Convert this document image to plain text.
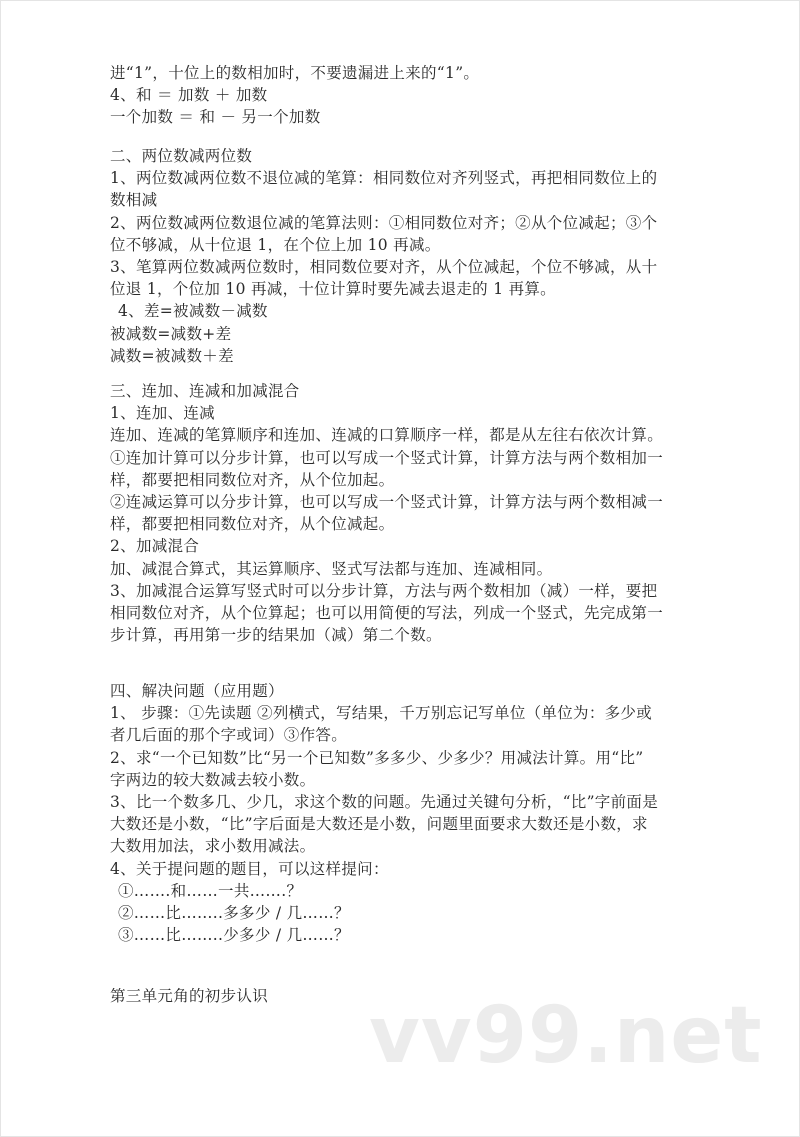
进“1”，十位上的数相加时，不要遗漏进上来的“1”。
4、和 ＝ 加数 ＋ 加数
一个加数 ＝ 和 － 另一个加数
二、两位数减两位数
1、两位数减两位数不退位减的笔算：相同数位对齐列竖式，再把相同数位上的
数相减
2、两位数减两位数退位减的笔算法则：①相同数位对齐；②从个位减起；③个
位不够减，从十位退 1，在个位上加 10 再减。
3、笔算两位数减两位数时，相同数位要对齐，从个位减起，个位不够减，从十
位退 1，个位加 10 再减，十位计算时要先减去退走的 1 再算。
4、差=被减数－减数
被减数=减数+差
减数=被减数＋差
三、连加、连减和加减混合
1、连加、连减
连加、连减的笔算顺序和连加、连减的口算顺序一样，都是从左往右依次计算。
①连加计算可以分步计算，也可以写成一个竖式计算，计算方法与两个数相加一
样，都要把相同数位对齐，从个位加起。
②连减运算可以分步计算，也可以写成一个竖式计算，计算方法与两个数相减一
样，都要把相同数位对齐，从个位减起。
2、加减混合
加、减混合算式，其运算顺序、竖式写法都与连加、连减相同。
3、加减混合运算写竖式时可以分步计算，方法与两个数相加（减）一样，要把
相同数位对齐，从个位算起；也可以用简便的写法，列成一个竖式，先完成第一
步计算，再用第一步的结果加（减）第二个数。
四、解决问题（应用题）
1、 步骤：①先读题 ②列横式，写结果，千万别忘记写单位（单位为：多少或
者几后面的那个字或词）③作答。
2、求“一个已知数”比“另一个已知数”多多少、少多少？用减法计算。用“比”
字两边的较大数减去较小数。
3、比一个数多几、少几，求这个数的问题。先通过关键句分析，“比”字前面是
大数还是小数，“比”字后面是大数还是小数，问题里面要求大数还是小数，求
大数用加法，求小数用减法。
4、关于提问题的题目，可以这样提问：
①…….和……一共…….？
②……比……..多多少 / 几……？
③……比……..少多少 / 几……？
第三单元角的初步认识	vv99.net
